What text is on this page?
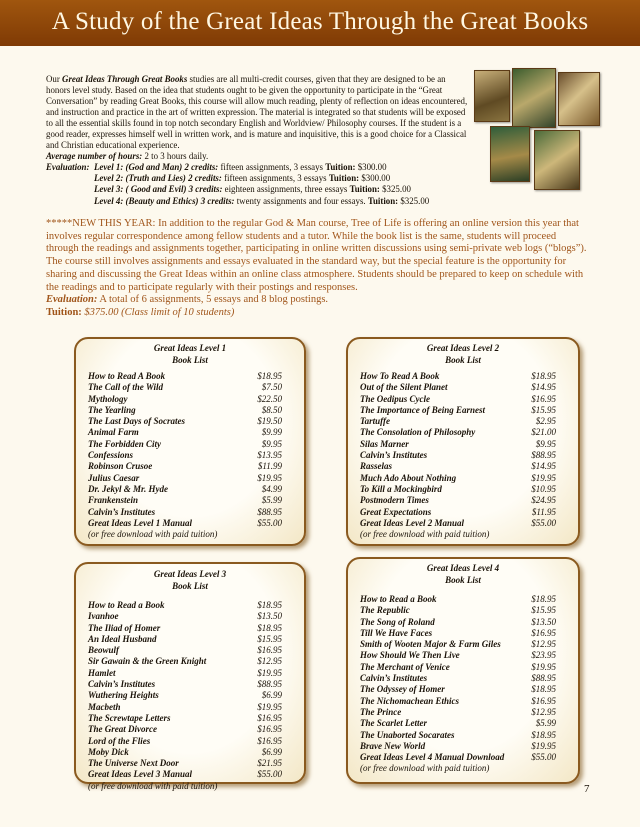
A Study of the Great Ideas Through the Great Books

Our Great Ideas Through Great Books studies are all multi-credit courses, given that they are designed to be an honors level study. Based on the idea that students ought to be given the opportunity to participate in the “Great Conversation” by reading Great Books, this course will allow much reading, plenty of reflection on ideas encountered, and instruction and practice in the art of written expression. The material is integrated so that students will be exposed to all the essential skills found in top notch secondary English and Worldview/ Philosophy courses. If the student is a good reader, expresses himself well in written work, and is mature and inquisitive, this is a good choice for a Classical and Christian educational experience.

Average number of hours: 2 to 3 hours daily.

Evaluation: Level 1: (God and Man) 2 credits: fifteen assignments, 3 essays Tuition: $300.00
Level 2: (Truth and Lies) 2 credits: fifteen assignments, 3 essays Tuition: $300.00
Level 3: ( Good and Evil) 3 credits: eighteen assignments, three essays Tuition: $325.00
Level 4: (Beauty and Ethics) 3 credits: twenty assignments and four essays. Tuition: $325.00

*****NEW THIS YEAR: In addition to the regular God & Man course, Tree of Life is offering an online version this year that involves regular correspondence among fellow students and a tutor. While the book list is the same, students will proceed through the readings and assignments together, participating in online written discussions using semi-private web logs (“blogs”). The course still involves assignments and essays evaluated in the standard way, but the special feature is the opportunity for sharing and discussing the Great Ideas within an online class atmosphere. Students should be prepared to keep on schedule with the readings and to participate regularly with their postings and responses.

Evaluation: A total of 6 assignments, 5 essays and 8 blog postings.

Tuition: $375.00 (Class limit of 10 students)

Great Ideas Level 1
Book List
How to Read A Book	$18.95
The Call of the Wild	$7.50
Mythology	$22.50
The Yearling	$8.50
The Last Days of Socrates	$19.50
Animal Farm	$9.99
The Forbidden City	$9.95
Confessions	$13.95
Robinson Crusoe	$11.99
Julius Caesar	$19.95
Dr. Jekyl & Mr. Hyde	$4.99
Frankenstein	$5.99
Calvin’s Institutes	$88.95
Great Ideas Level 1 Manual	$55.00
(or free download with paid tuition)
Great Ideas Level 2
Book List
How To Read A Book	$18.95
Out of the Silent Planet	$14.95
The Oedipus Cycle	$16.95
The Importance of Being Earnest	$15.95
Tartuffe	$2.95
The Consolation of Philosophy	$21.00
Silas Marner	$9.95
Calvin’s Institutes	$88.95
Rasselas	$14.95
Much Ado About Nothing	$19.95
To Kill a Mockingbird	$10.95
Postmodern Times	$24.95
Great Expectations	$11.95
Great Ideas Level 2 Manual	$55.00
(or free download with paid tuition)
Great Ideas Level 3
Book List
How to Read a Book	$18.95
Ivanhoe	$13.50
The Iliad of Homer	$18.95
An Ideal Husband	$15.95
Beowulf	$16.95
Sir Gawain & the Green Knight	$12.95
Hamlet	$19.95
Calvin’s Institutes	$88.95
Wuthering Heights	$6.99
Macbeth	$19.95
The Screwtape Letters	$16.95
The Great Divorce	$16.95
Lord of the Flies	$16.95
Moby Dick	$6.99
The Universe Next Door	$21.95
Great Ideas Level 3 Manual	$55.00
(or free download with paid tuition)
Great Ideas Level 4
Book List
How to Read a Book	$18.95
The Republic	$15.95
The Song of Roland	$13.50
Till We Have Faces	$16.95
Smith of Wooten Major & Farm Giles	$12.95
How Should We Then Live	$23.95
The Merchant of Venice	$19.95
Calvin’s Institutes	$88.95
The Odyssey of Homer	$18.95
The Nichomachean Ethics	$16.95
The Prince	$12.95
The Scarlet Letter	$5.99
The Unaborted Socarates	$18.95
Brave New World	$19.95
Great Ideas Level 4 Manual Download	$55.00
(or free download with paid tuition)
7
